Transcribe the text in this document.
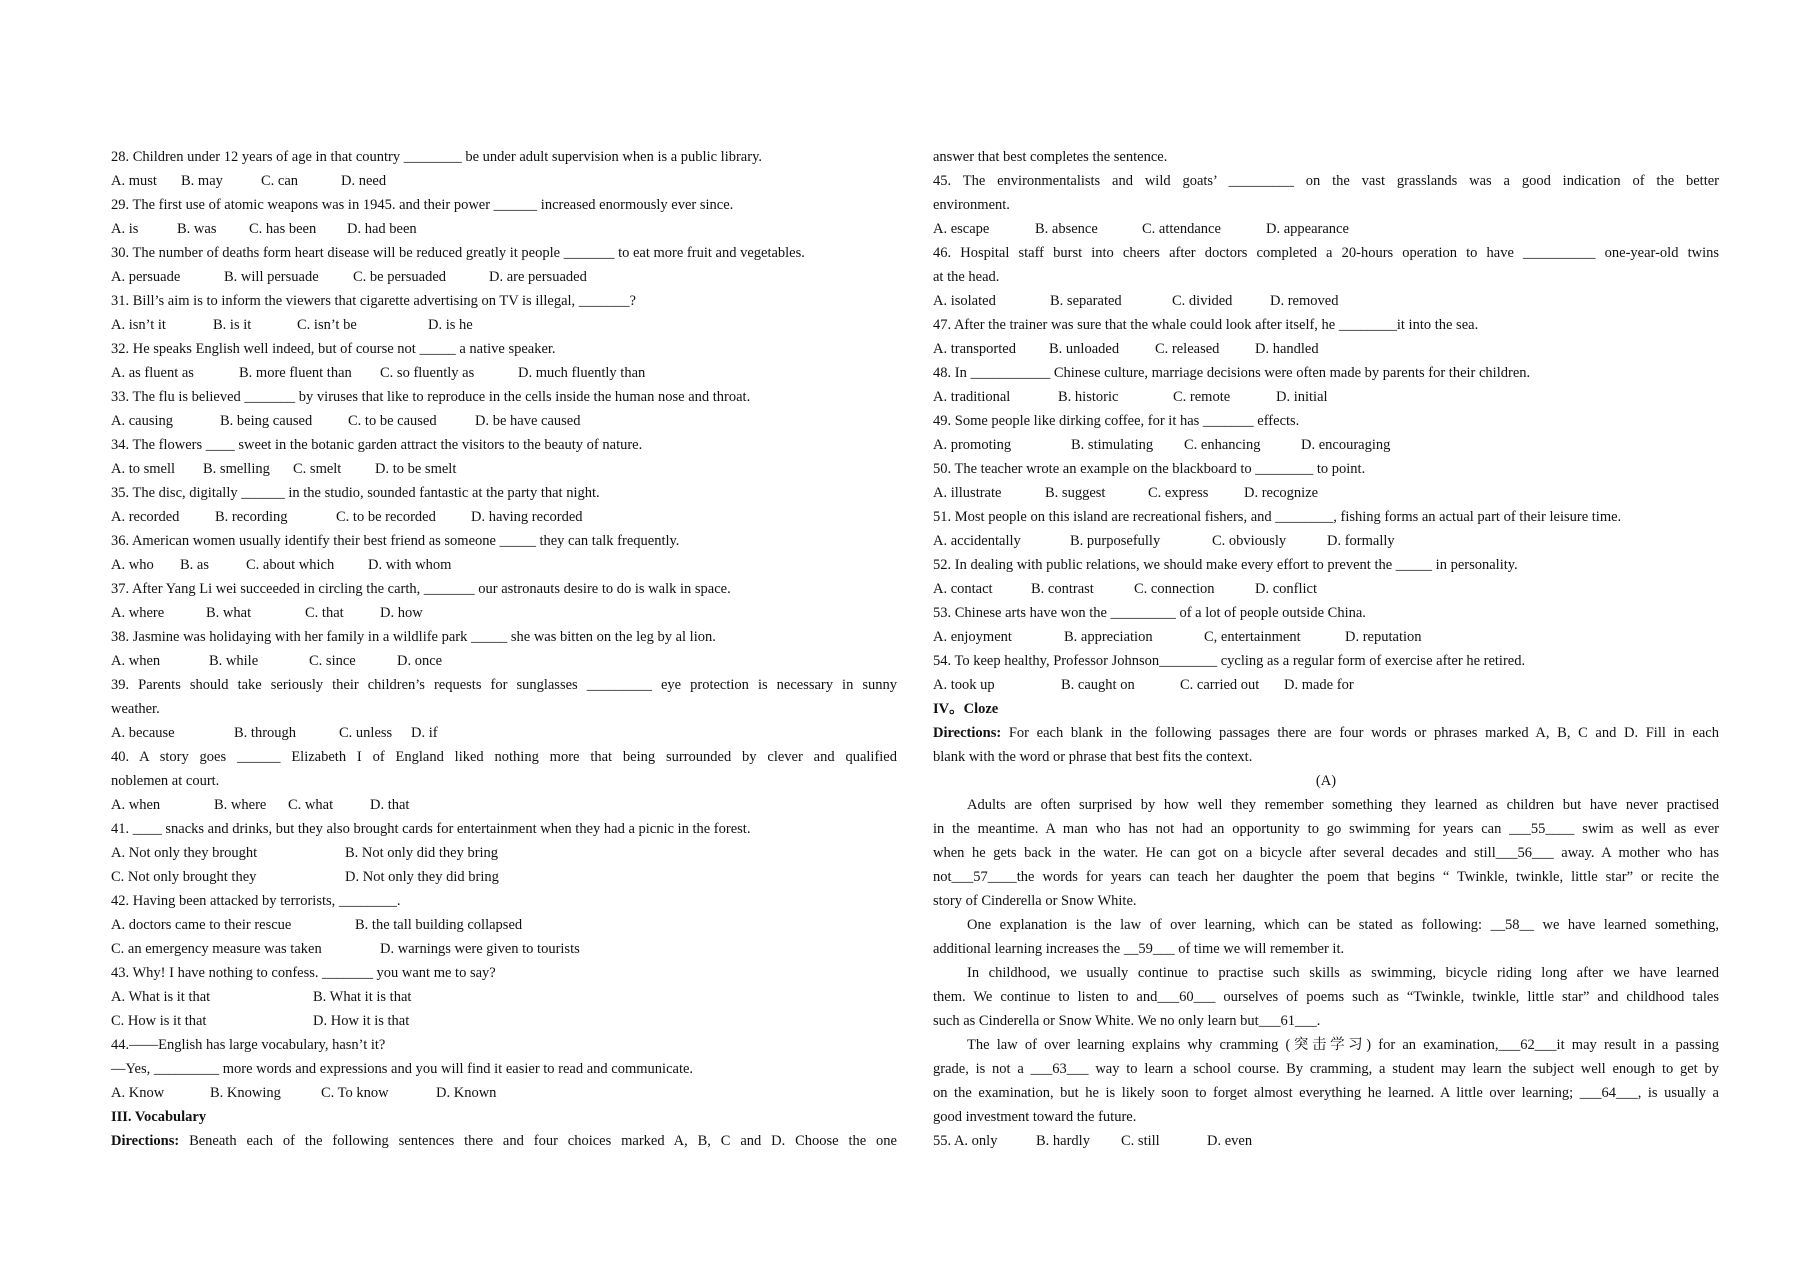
28. Children under 12 years of age in that country ________ be under adult supervision when is a public library.
A. must	B. may	C. can	D. need
29. The first use of atomic weapons was in 1945. and their power ______ increased enormously ever since.
A. is	B. was	C. has been	D. had been
30. The number of deaths form heart disease will be reduced greatly it people _______ to eat more fruit and vegetables.
A. persuade	B. will persuade	C. be persuaded	D. are persuaded
31. Bill’s aim is to inform the viewers that cigarette advertising on TV is illegal, _______?
A. isn’t it	B. is it	C. isn’t be	D. is he
32. He speaks English well indeed, but of course not _____ a native speaker.
A. as fluent as	B. more fluent than	C. so fluently as	D. much fluently than
33. The flu is believed _______ by viruses that like to reproduce in the cells inside the human nose and throat.
A. causing	B. being caused	C. to be caused	D. be have caused
34. The flowers ____ sweet in the botanic garden attract the visitors to the beauty of nature.
A. to smell	B. smelling	C. smelt	D. to be smelt
35. The disc, digitally ______ in the studio, sounded fantastic at the party that night.
A. recorded	B. recording	C. to be recorded	D. having recorded
36. American women usually identify their best friend as someone _____ they can talk frequently.
A. who	B. as	C. about which	D. with whom
37. After Yang Li wei succeeded in circling the carth, _______ our astronauts desire to do is walk in space.
A. where	B. what	C. that	D. how
38. Jasmine was holidaying with her family in a wildlife park _____ she was bitten on the leg by al lion.
A. when	B. while	C. since	D. once
39. Parents should take seriously their children’s requests for sunglasses _________ eye protection is necessary in sunny
weather.
A. because	B. through	C. unless	D. if
40. A story goes ______ Elizabeth I of England liked nothing more that being surrounded by clever and qualified
noblemen at court.
A. when	B. where	C. what	D. that
41. ____ snacks and drinks, but they also brought cards for entertainment when they had a picnic in the forest.
A. Not only they brought	B. Not only did they bring
C. Not only brought they	D. Not only they did bring
42. Having been attacked by terrorists, ________.
A. doctors came to their rescue	B. the tall building collapsed
C. an emergency measure was taken	D. warnings were given to tourists
43. Why! I have nothing to confess. _______ you want me to say?
A. What is it that	B. What it is that
C. How is it that	D. How it is that
44.——English has large vocabulary, hasn’t it?
—Yes, _________ more words and expressions and you will find it easier to read and communicate.
A. Know	B. Knowing	C. To know	D. Known
III. Vocabulary
Directions: Beneath each of the following sentences there and four choices marked A, B, C and D. Choose the one
answer that best completes the sentence.
45. The environmentalists and wild goats’ _________ on the vast grasslands was a good indication of the better
environment.
A. escape	B. absence	C. attendance	D. appearance
46. Hospital staff burst into cheers after doctors completed a 20-hours operation to have __________ one-year-old twins
at the head.
A. isolated	B. separated	C. divided	D. removed
47. After the trainer was sure that the whale could look after itself, he ________it into the sea.
A. transported	B. unloaded	C. released	D. handled
48. In ___________ Chinese culture, marriage decisions were often made by parents for their children.
A. traditional	B. historic	C. remote	D. initial
49. Some people like dirking coffee, for it has _______ effects.
A. promoting	B. stimulating	C. enhancing	D. encouraging
50. The teacher wrote an example on the blackboard to ________ to point.
A. illustrate	B. suggest	C. express	D. recognize
51. Most people on this island are recreational fishers, and ________, fishing forms an actual part of their leisure time.
A. accidentally	B. purposefully	C. obviously	D. formally
52. In dealing with public relations, we should make every effort to prevent the _____ in personality.
A. contact	B. contrast	C. connection	D. conflict
53. Chinese arts have won the _________ of a lot of people outside China.
A. enjoyment	B. appreciation	C, entertainment	D. reputation
54. To keep healthy, Professor Johnson________ cycling as a regular form of exercise after he retired.
A. took up	B. caught on	C. carried out	D. made for
IV。Cloze
Directions: For each blank in the following passages there are four words or phrases marked A, B, C and D. Fill in each
blank with the word or phrase that best fits the context.
(A)
Adults are often surprised by how well they remember something they learned as children but have never practised
in the meantime. A man who has not had an opportunity to go swimming for years can ___55____ swim as well as ever
when he gets back in the water. He can got on a bicycle after several decades and still___56___ away. A mother who has
not___57____the words for years can teach her daughter the poem that begins “ Twinkle, twinkle, little star” or recite the
story of Cinderella or Snow White.
One explanation is the law of over learning, which can be stated as following: __58__ we have learned something,
additional learning increases the __59___ of time we will remember it.
In childhood, we usually continue to practise such skills as swimming, bicycle riding long after we have learned
them. We continue to listen to and___60___ ourselves of poems such as “Twinkle, twinkle, little star” and childhood tales
such as Cinderella or Snow White. We no only learn but___61___.
The law of over learning explains why cramming (突击学习) for an examination,___62___it may result in a passing
grade, is not a ___63___ way to learn a school course. By cramming, a student may learn the subject well enough to get by
on the examination, but he is likely soon to forget almost everything he learned. A little over learning; ___64___, is usually a
good investment toward the future.
55. A. only	B. hardly	C. still	D. even
